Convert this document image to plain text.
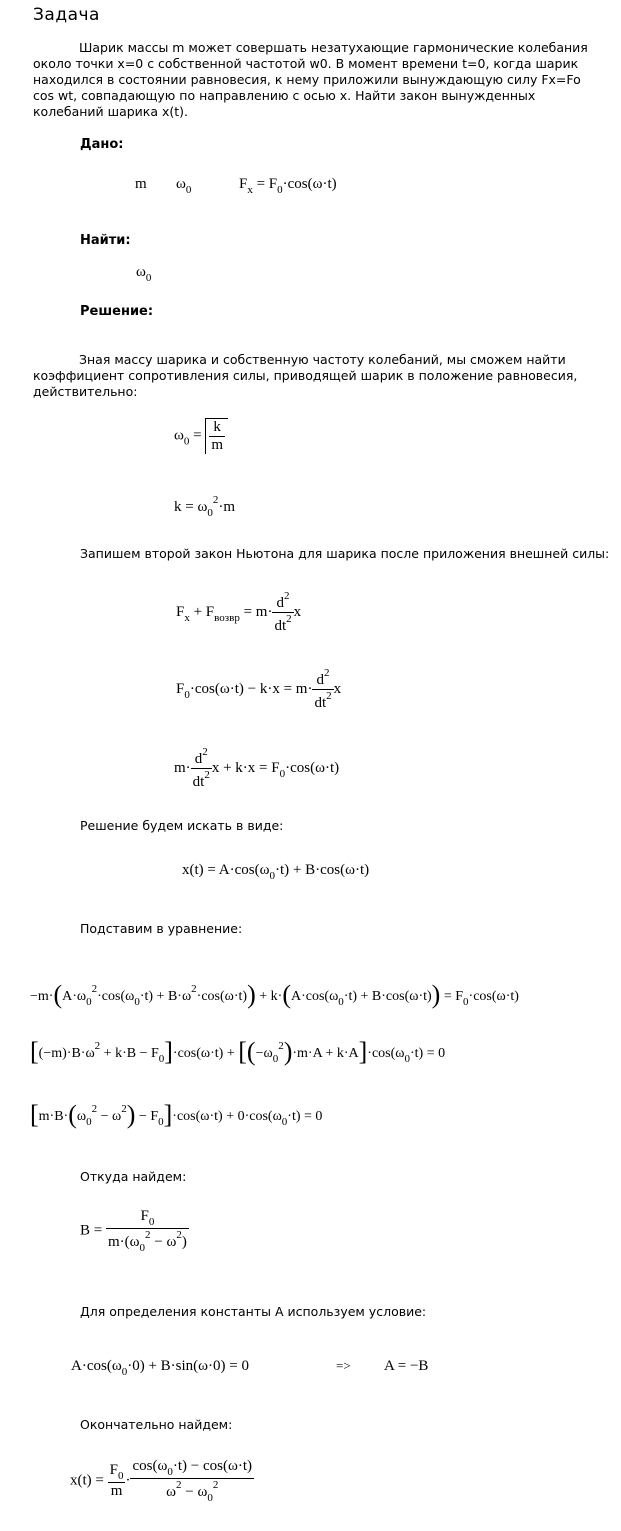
Задача
Шарик массы m может совершать незатухающие гармонические колебания около точки x=0 с собственной частотой w0. В момент времени t=0, когда шарик находился в состоянии равновесия, к нему приложили вынуждающую силу Fx=Fo cos wt, совпадающую по направлению с осью x. Найти закон вынужденных колебаний шарика x(t).
Дано:
m $\omega_0$	$F_x = F_0\cdot\cos(\omega\cdot t)$
Найти:
$\omega_0$
Решение:
Зная массу шарика и собственную частоту колебаний, мы сможем найти коэффициент сопротивления силы, приводящей шарик в положение равновесия, действительно:
$\omega_0 = \frac{k}{m}$
$k = \omega_0^2\cdot m$
Запишем второй закон Ньютона для шарика после приложения внешней силы:
$F_x + F_{возвр} = m\cdot \frac{d^2}{dt^2}$ x
$F_0\cdot\cos(\omega\cdot t) - k\cdot x = m\cdot \frac{d^2}{dt^2}$ x
$m\cdot \frac{d^2}{dt^2}$ $x + k\cdot x = F_0\cdot\cos(\omega\cdot t)$
Решение будем искать в виде:
$x(t) = A\cdot\cos(\omega_0\cdot t) + B\cdot\cos(\omega\cdot t)$
Подставим в уравнение:
$-m\cdot(A\cdot\omega_0^2\cdot\cos(\omega_0\cdot t) + B\cdot\omega^2\cdot\cos(\omega\cdot t)) + k\cdot(A\cdot\cos(\omega_0\cdot t) + B\cdot\cos(\omega\cdot t)) = F_0\cdot\cos(\omega\cdot t)$
$[(-m)\cdot B\cdot\omega^2 + k\cdot B - F_0]\cdot\cos(\omega\cdot t) + [(-\omega_0^2)\cdot m\cdot A + k\cdot A]\cdot\cos(\omega_0\cdot t) = 0$
$[m\cdot B\cdot(\omega_0^2 - \omega^2) - F_0]\cdot\cos(\omega\cdot t) + 0\cdot\cos(\omega_0\cdot t) = 0$
Откуда найдем:
$B = \frac{F_0}{m\cdot(\omega_0^2 - \omega^2)}$
Для определения константы A используем условие:
$A\cdot\cos(\omega_0\cdot 0) + B\cdot\sin(\omega\cdot 0) = 0$	=> A = −B
Окончательно найдем:
$x(t) = \frac{F_0}{m} \cdot \frac{\cos(\omega_0\cdot t) - \cos(\omega\cdot t)}{\omega^2 - \omega_0^2}$
